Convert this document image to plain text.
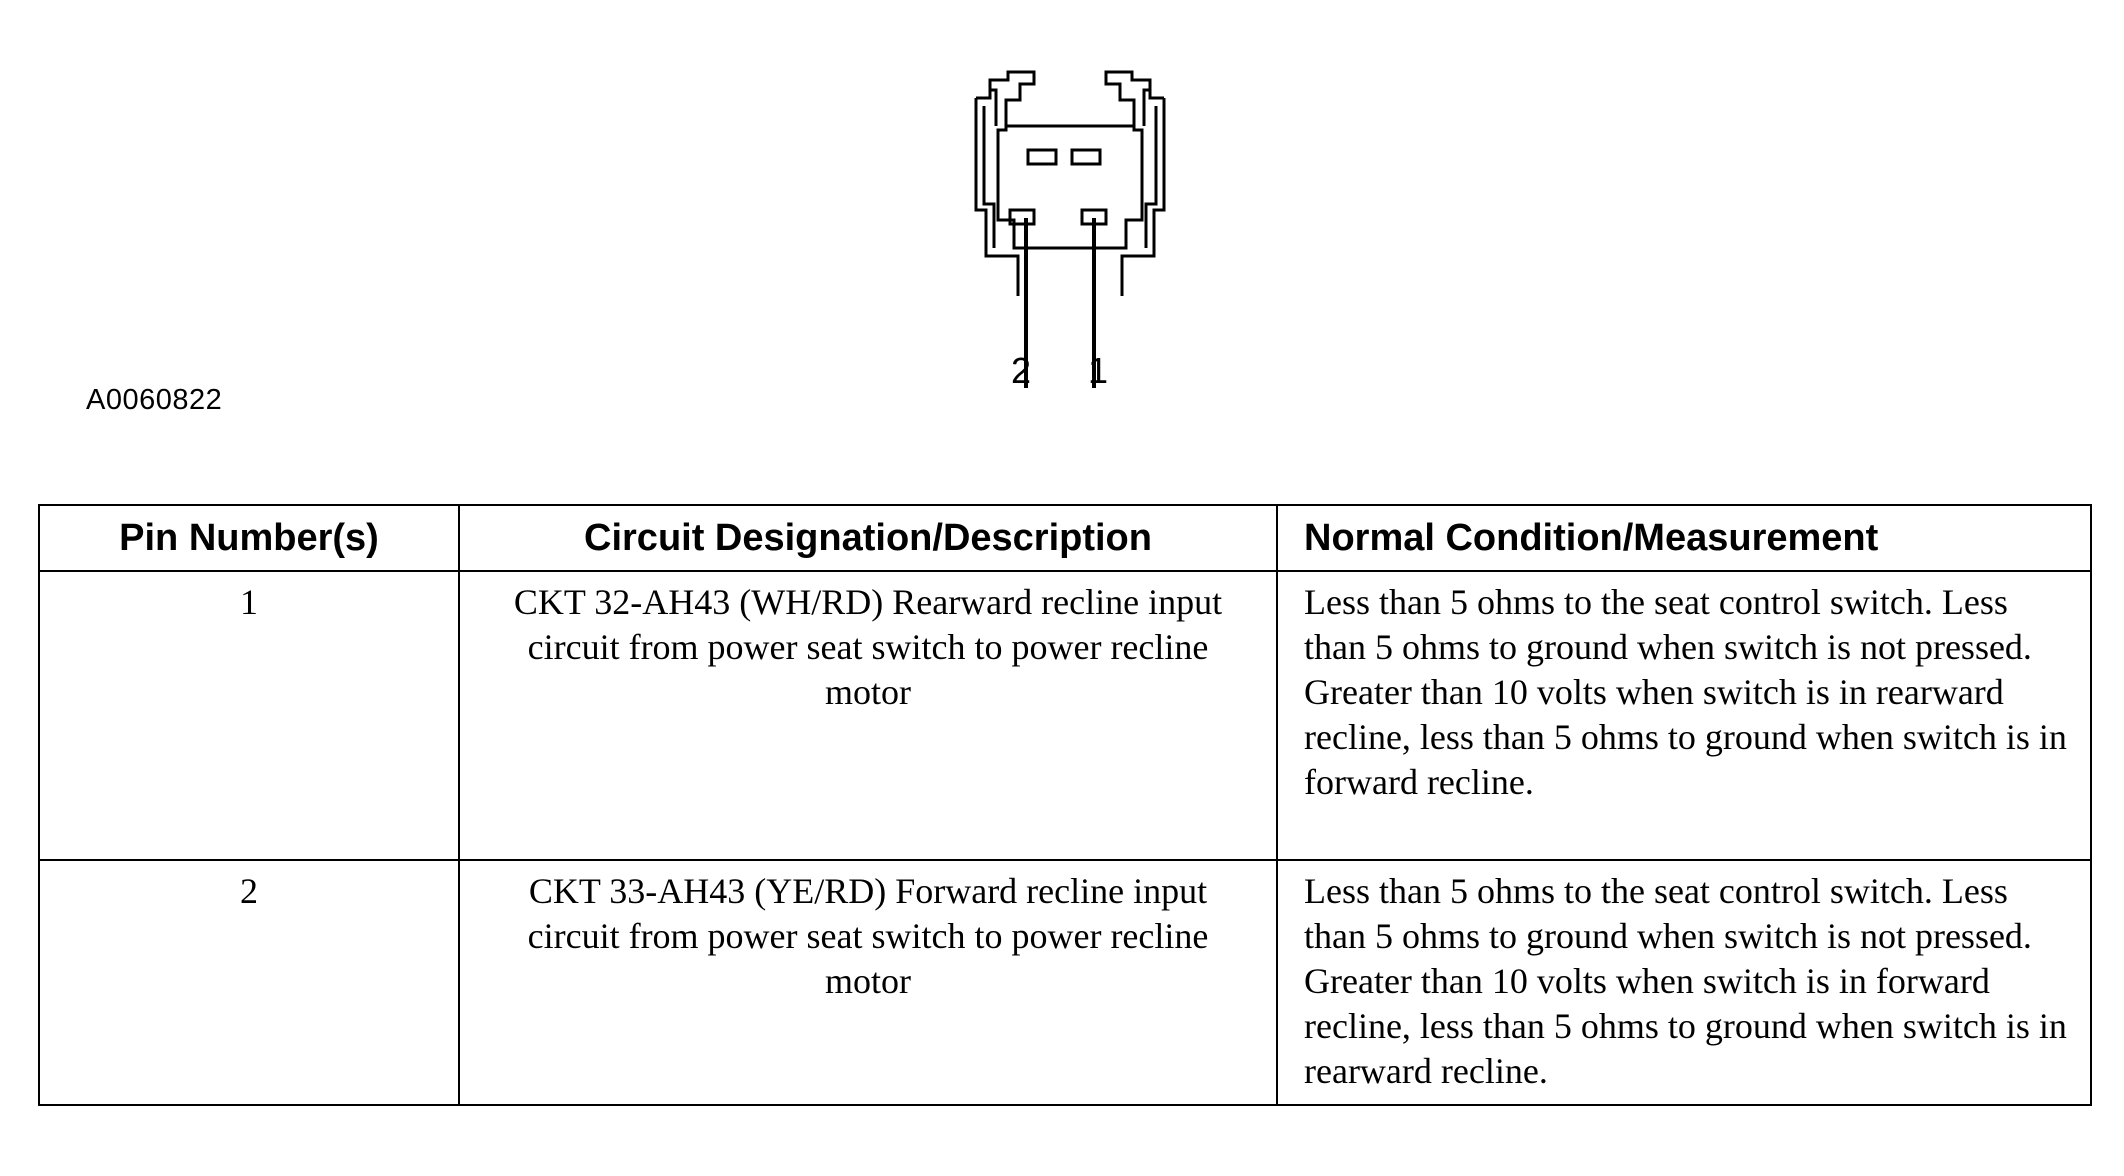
2 1
A0060822
Pin Number(s)	Circuit Designation/Description	Normal Condition/Measurement
1	CKT 32-AH43 (WH/RD) Rearward recline input circuit from power seat switch to power recline motor	Less than 5 ohms to the seat control switch. Less than 5 ohms to ground when switch is not pressed. Greater than 10 volts when switch is in rearward recline, less than 5 ohms to ground when switch is in forward recline.
2	CKT 33-AH43 (YE/RD) Forward recline input circuit from power seat switch to power recline motor	Less than 5 ohms to the seat control switch. Less than 5 ohms to ground when switch is not pressed. Greater than 10 volts when switch is in forward recline, less than 5 ohms to ground when switch is in rearward recline.
